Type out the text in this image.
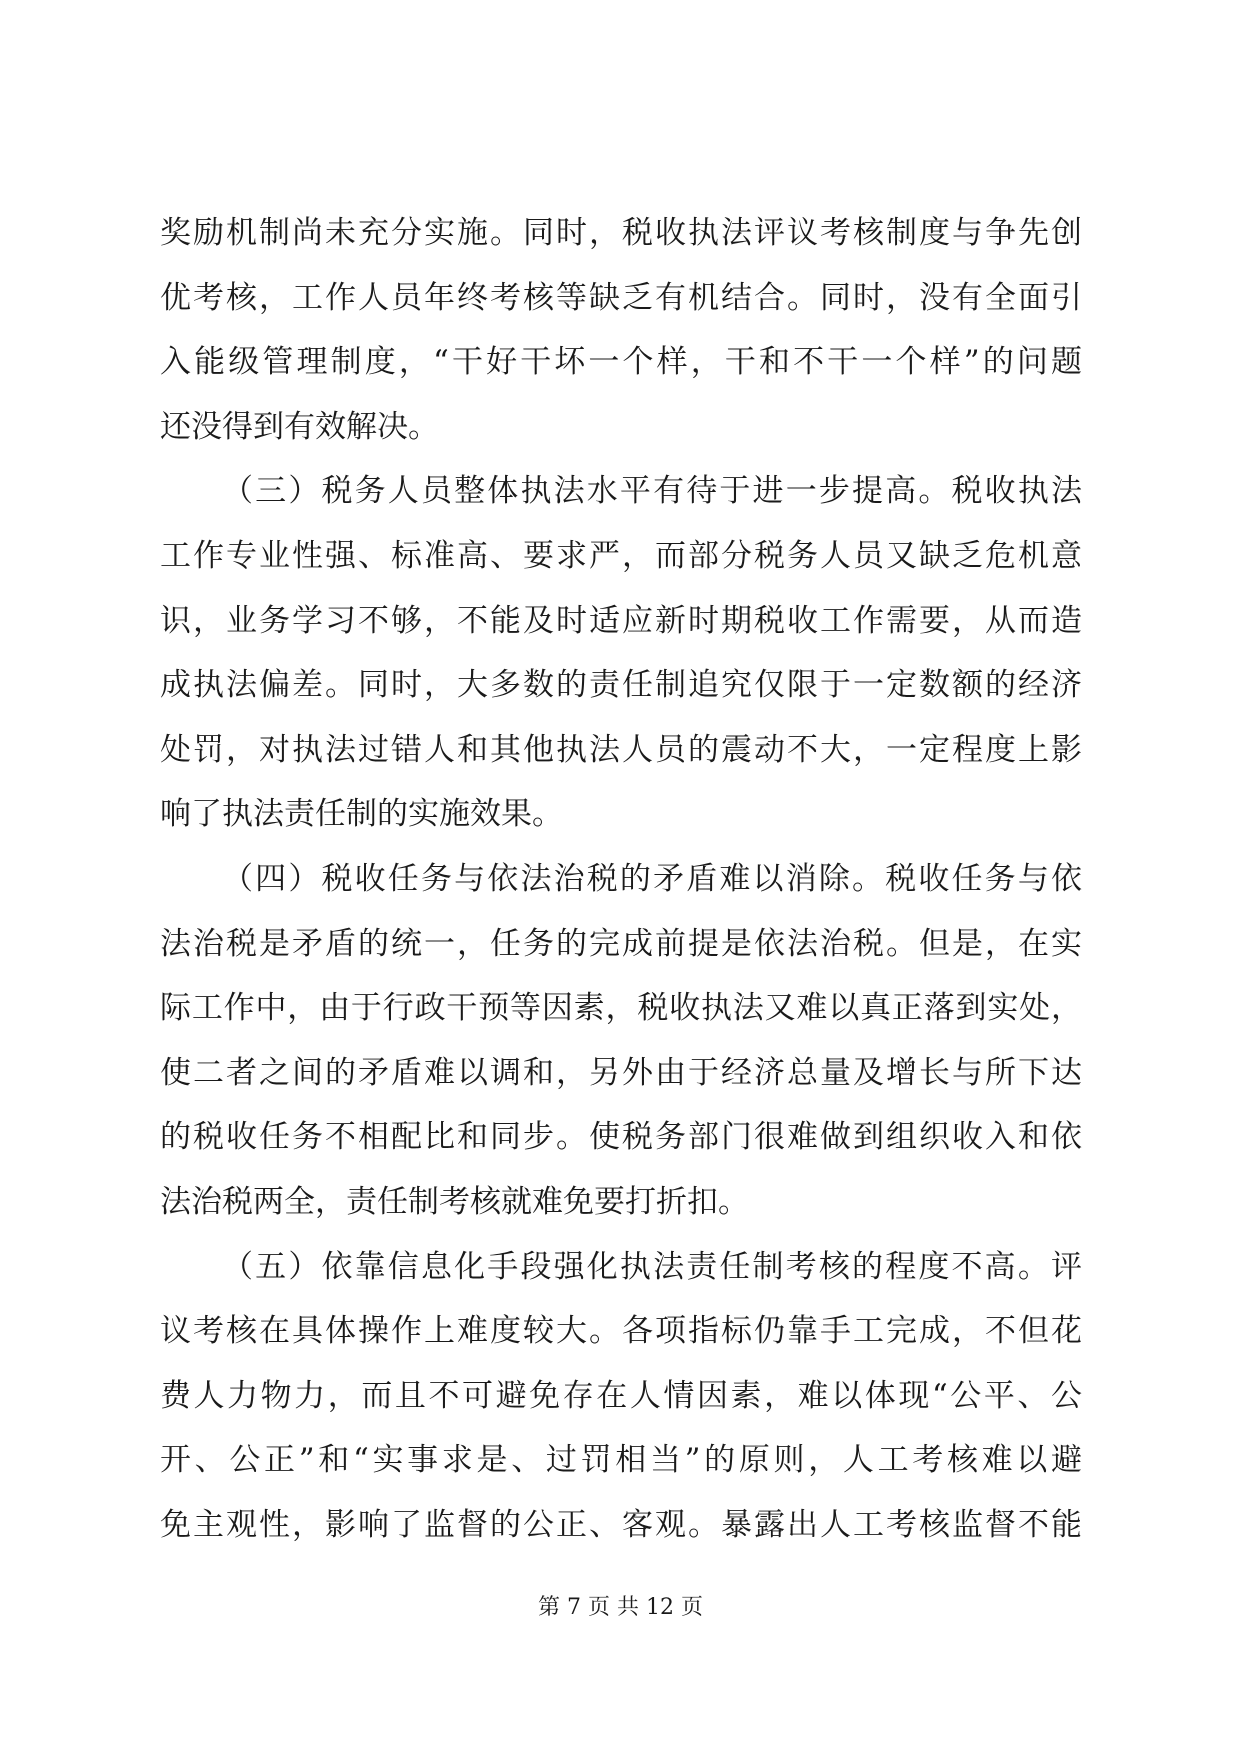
奖励机制尚未充分实施。同时，税收执法评议考核制度与争先创
优考核，工作人员年终考核等缺乏有机结合。同时，没有全面引
入能级管理制度，“干好干坏一个样，干和不干一个样”的问题
还没得到有效解决。
（三）税务人员整体执法水平有待于进一步提高。税收执法
工作专业性强、标准高、要求严，而部分税务人员又缺乏危机意
识，业务学习不够，不能及时适应新时期税收工作需要，从而造
成执法偏差。同时，大多数的责任制追究仅限于一定数额的经济
处罚，对执法过错人和其他执法人员的震动不大，一定程度上影
响了执法责任制的实施效果。
（四）税收任务与依法治税的矛盾难以消除。税收任务与依
法治税是矛盾的统一，任务的完成前提是依法治税。但是，在实
际工作中，由于行政干预等因素，税收执法又难以真正落到实处，
使二者之间的矛盾难以调和，另外由于经济总量及增长与所下达
的税收任务不相配比和同步。使税务部门很难做到组织收入和依
法治税两全，责任制考核就难免要打折扣。
（五）依靠信息化手段强化执法责任制考核的程度不高。评
议考核在具体操作上难度较大。各项指标仍靠手工完成，不但花
费人力物力，而且不可避免存在人情因素，难以体现“公平、公
开、公正”和“实事求是、过罚相当”的原则，人工考核难以避
免主观性，影响了监督的公正、客观。暴露出人工考核监督不能
第 7 页 共 12 页
